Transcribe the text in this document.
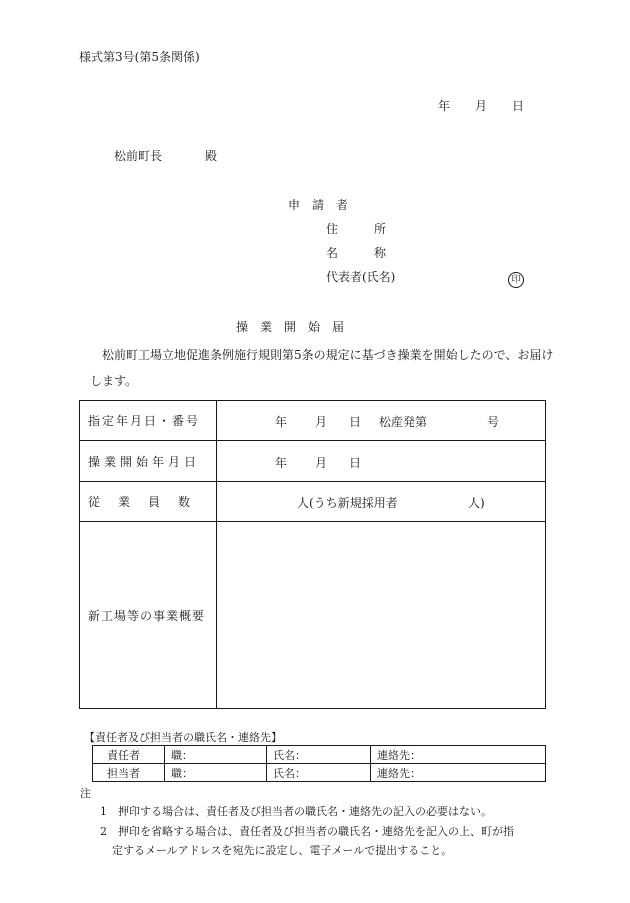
様式第3号(第5条関係)
年 月 日
松前町長	殿
申　請　者
住　　　所
名　　　称
代表者(氏名)	印
操　業　開　始　届
松前町工場立地促進条例施行規則第5条の規定に基づき操業を開始したので、お届け
します。
指定年月日・番号	年 月 日 松産発第 号

操業開始年月日	年 月 日

従業員数	人(うち新規採用者 人)

新工場等の事業概要	
【責任者及び担当者の職氏名・連絡先】
責任者	職：	氏名：	連絡先：
担当者	職：	氏名：	連絡先：
注
1　押印する場合は、責任者及び担当者の職氏名・連絡先の記入の必要はない。
2　押印を省略する場合は、責任者及び担当者の職氏名・連絡先を記入の上、町が指
定するメールアドレスを宛先に設定し、電子メールで提出すること。
